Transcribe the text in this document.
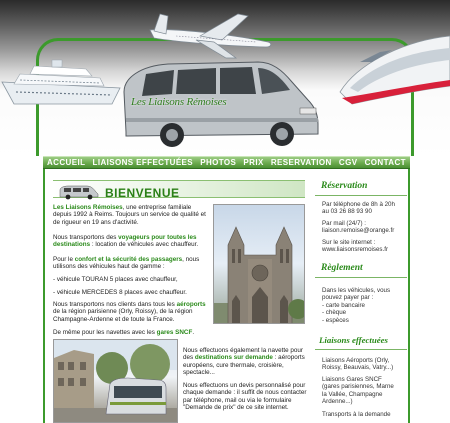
Les Liaisons Rémoises
ACCUEIL LIAISONS EFFECTUÉES PHOTOS PRIX RESERVATION CGV CONTACT
BIENVENUE
Les Liaisons Rémoises, une entreprise familiale
depuis 1992 à Reims. Toujours un service de qualité et
de rigueur en 19 ans d'activité.
Nous transportons des voyageurs pour toutes les
destinations : location de véhicules avec chauffeur.
Pour le confort et la sécurité des passagers, nous
utilisons des véhicules haut de gamme :
- véhicule TOURAN 5 places avec chauffeur,
- véhicule MERCEDES 8 places avec chauffeur.
Nous transportons nos clients dans tous les aéroports
de la région parisienne (Orly, Roissy), de la région
Champagne-Ardenne et de toute la France.
De même pour les navettes avec les gares SNCF.
Nous effectuons également la navette pour
des destinations sur demande : aéroports
européens, cure thermale, croisière,
spectacle...
Nous effectuons un devis personnalisé pour
chaque demande : il suffit de nous contacter
par téléphone, mail ou via le formulaire
"Demande de prix" de ce site internet.
Réservation
Par téléphone de 8h à 20h
au 03 26 88 93 90
Par mail (24/7) :
liaison.remoise@orange.fr
Sur le site internet :
www.liaisonsremoises.fr
Règlement
Dans les véhicules, vous
pouvez payer par :
- carte bancaire
- chèque
- espèces
Liaisons effectuées
Liaisons Aéroports (Orly,
Roissy, Beauvais, Vatry...)
Liaisons Gares SNCF
(gares parisiennes, Marne
la Vallée, Champagne
Ardenne...)
Transports à la demande
